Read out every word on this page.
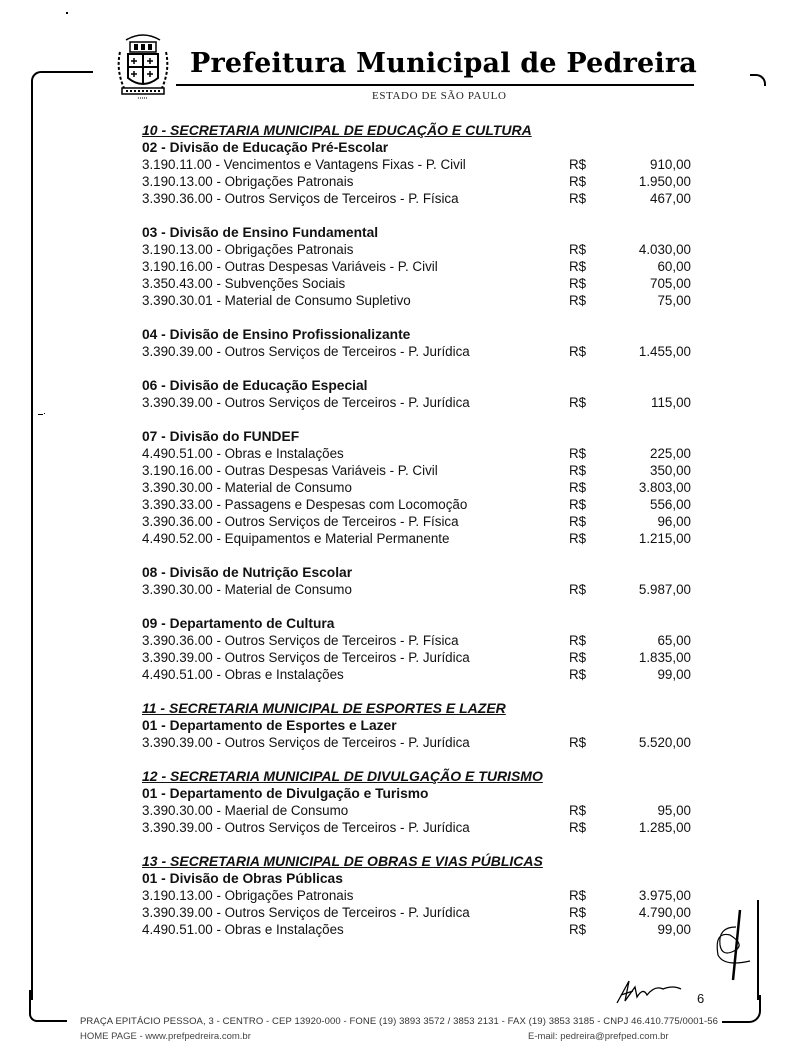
Prefeitura Municipal de Pedreira
ESTADO DE SÃO PAULO
10 - SECRETARIA MUNICIPAL DE EDUCAÇÃO E CULTURA
02 - Divisão de Educação Pré-Escolar
3.190.11.00 - Vencimentos e Vantagens Fixas - P. Civil	R$	910,00
3.190.13.00 - Obrigações Patronais	R$	1.950,00
3.390.36.00 - Outros Serviços de Terceiros - P. Física	R$	467,00
03 - Divisão de Ensino Fundamental
3.190.13.00 - Obrigações Patronais	R$	4.030,00
3.190.16.00 - Outras Despesas Variáveis - P. Civil	R$	60,00
3.350.43.00 - Subvenções Sociais	R$	705,00
3.390.30.01 - Material de Consumo Supletivo	R$	75,00
04 - Divisão de Ensino Profissionalizante
3.390.39.00 - Outros Serviços de Terceiros - P. Jurídica	R$	1.455,00
06 - Divisão de Educação Especial
3.390.39.00 - Outros Serviços de Terceiros - P. Jurídica	R$	115,00
07 - Divisão do FUNDEF
4.490.51.00 - Obras e Instalações	R$	225,00
3.190.16.00 - Outras Despesas Variáveis - P. Civil	R$	350,00
3.390.30.00 - Material de Consumo	R$	3.803,00
3.390.33.00 - Passagens e Despesas com Locomoção	R$	556,00
3.390.36.00 - Outros Serviços de Terceiros - P. Física	R$	96,00
4.490.52.00 - Equipamentos e Material Permanente	R$	1.215,00
08 - Divisão de Nutrição Escolar
3.390.30.00 - Material de Consumo	R$	5.987,00
09 - Departamento de Cultura
3.390.36.00 - Outros Serviços de Terceiros - P. Física	R$	65,00
3.390.39.00 - Outros Serviços de Terceiros - P. Jurídica	R$	1.835,00
4.490.51.00 - Obras e Instalações	R$	99,00
11 - SECRETARIA MUNICIPAL DE ESPORTES E LAZER
01 - Departamento de Esportes e Lazer
3.390.39.00 - Outros Serviços de Terceiros - P. Jurídica	R$	5.520,00
12 - SECRETARIA MUNICIPAL DE DIVULGAÇÃO E TURISMO
01 - Departamento de Divulgação e Turismo
3.390.30.00 - Maerial de Consumo	R$	95,00
3.390.39.00 - Outros Serviços de Terceiros - P. Jurídica	R$	1.285,00
13 - SECRETARIA MUNICIPAL DE OBRAS E VIAS PÚBLICAS
01 - Divisão de Obras Públicas
3.190.13.00 - Obrigações Patronais	R$	3.975,00
3.390.39.00 - Outros Serviços de Terceiros - P. Jurídica	R$	4.790,00
4.490.51.00 - Obras e Instalações	R$	99,00
6
PRAÇA EPITÁCIO PESSOA, 3 - CENTRO - CEP 13920-000 - FONE (19) 3893 3572 / 3853 2131 - FAX (19) 3853 3185 - CNPJ 46.410.775/0001-56
HOME PAGE - www.prefpedreira.com.br	E-mail: pedreira@prefped.com.br
